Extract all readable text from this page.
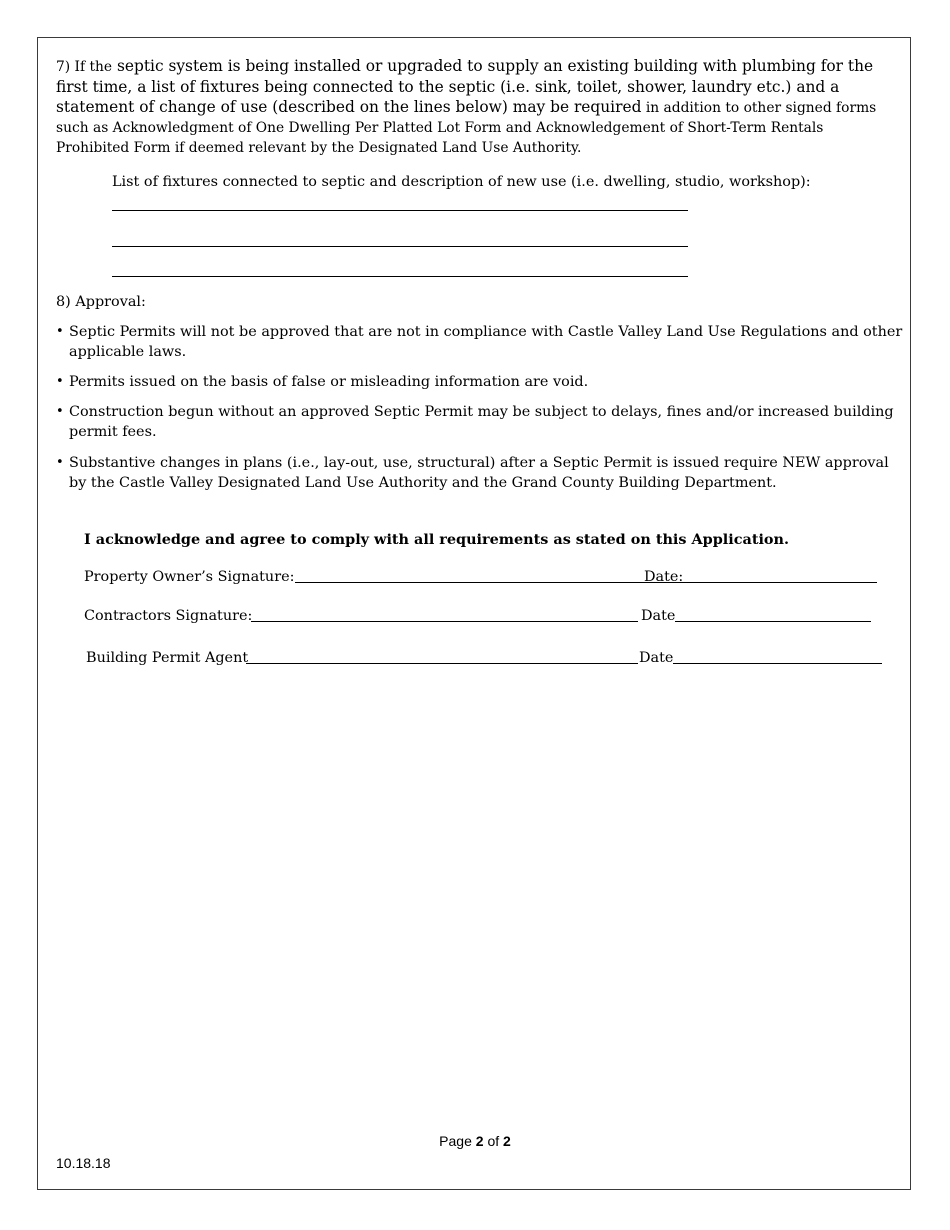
7) If the septic system is being installed or upgraded to supply an existing building with plumbing for the
first time, a list of fixtures being connected to the septic (i.e. sink, toilet, shower, laundry etc.) and a
statement of change of use (described on the lines below) may be required in addition to other signed forms
such as Acknowledgment of One Dwelling Per Platted Lot Form and Acknowledgement of Short-Term Rentals
Prohibited Form if deemed relevant by the Designated Land Use Authority.

List of fixtures connected to septic and description of new use (i.e. dwelling, studio, workshop):

8) Approval:

• Septic Permits will not be approved that are not in compliance with Castle Valley Land Use Regulations and other
applicable laws.
• Permits issued on the basis of false or misleading information are void.
• Construction begun without an approved Septic Permit may be subject to delays, fines and/or increased building
permit fees.
• Substantive changes in plans (i.e., lay-out, use, structural) after a Septic Permit is issued require NEW approval
by the Castle Valley Designated Land Use Authority and the Grand County Building Department.

I acknowledge and agree to comply with all requirements as stated on this Application.

Property Owner’s Signature:	Date:
Contractors Signature:	Date
Building Permit Agent	Date

Page 2 of 2

10.18.18
